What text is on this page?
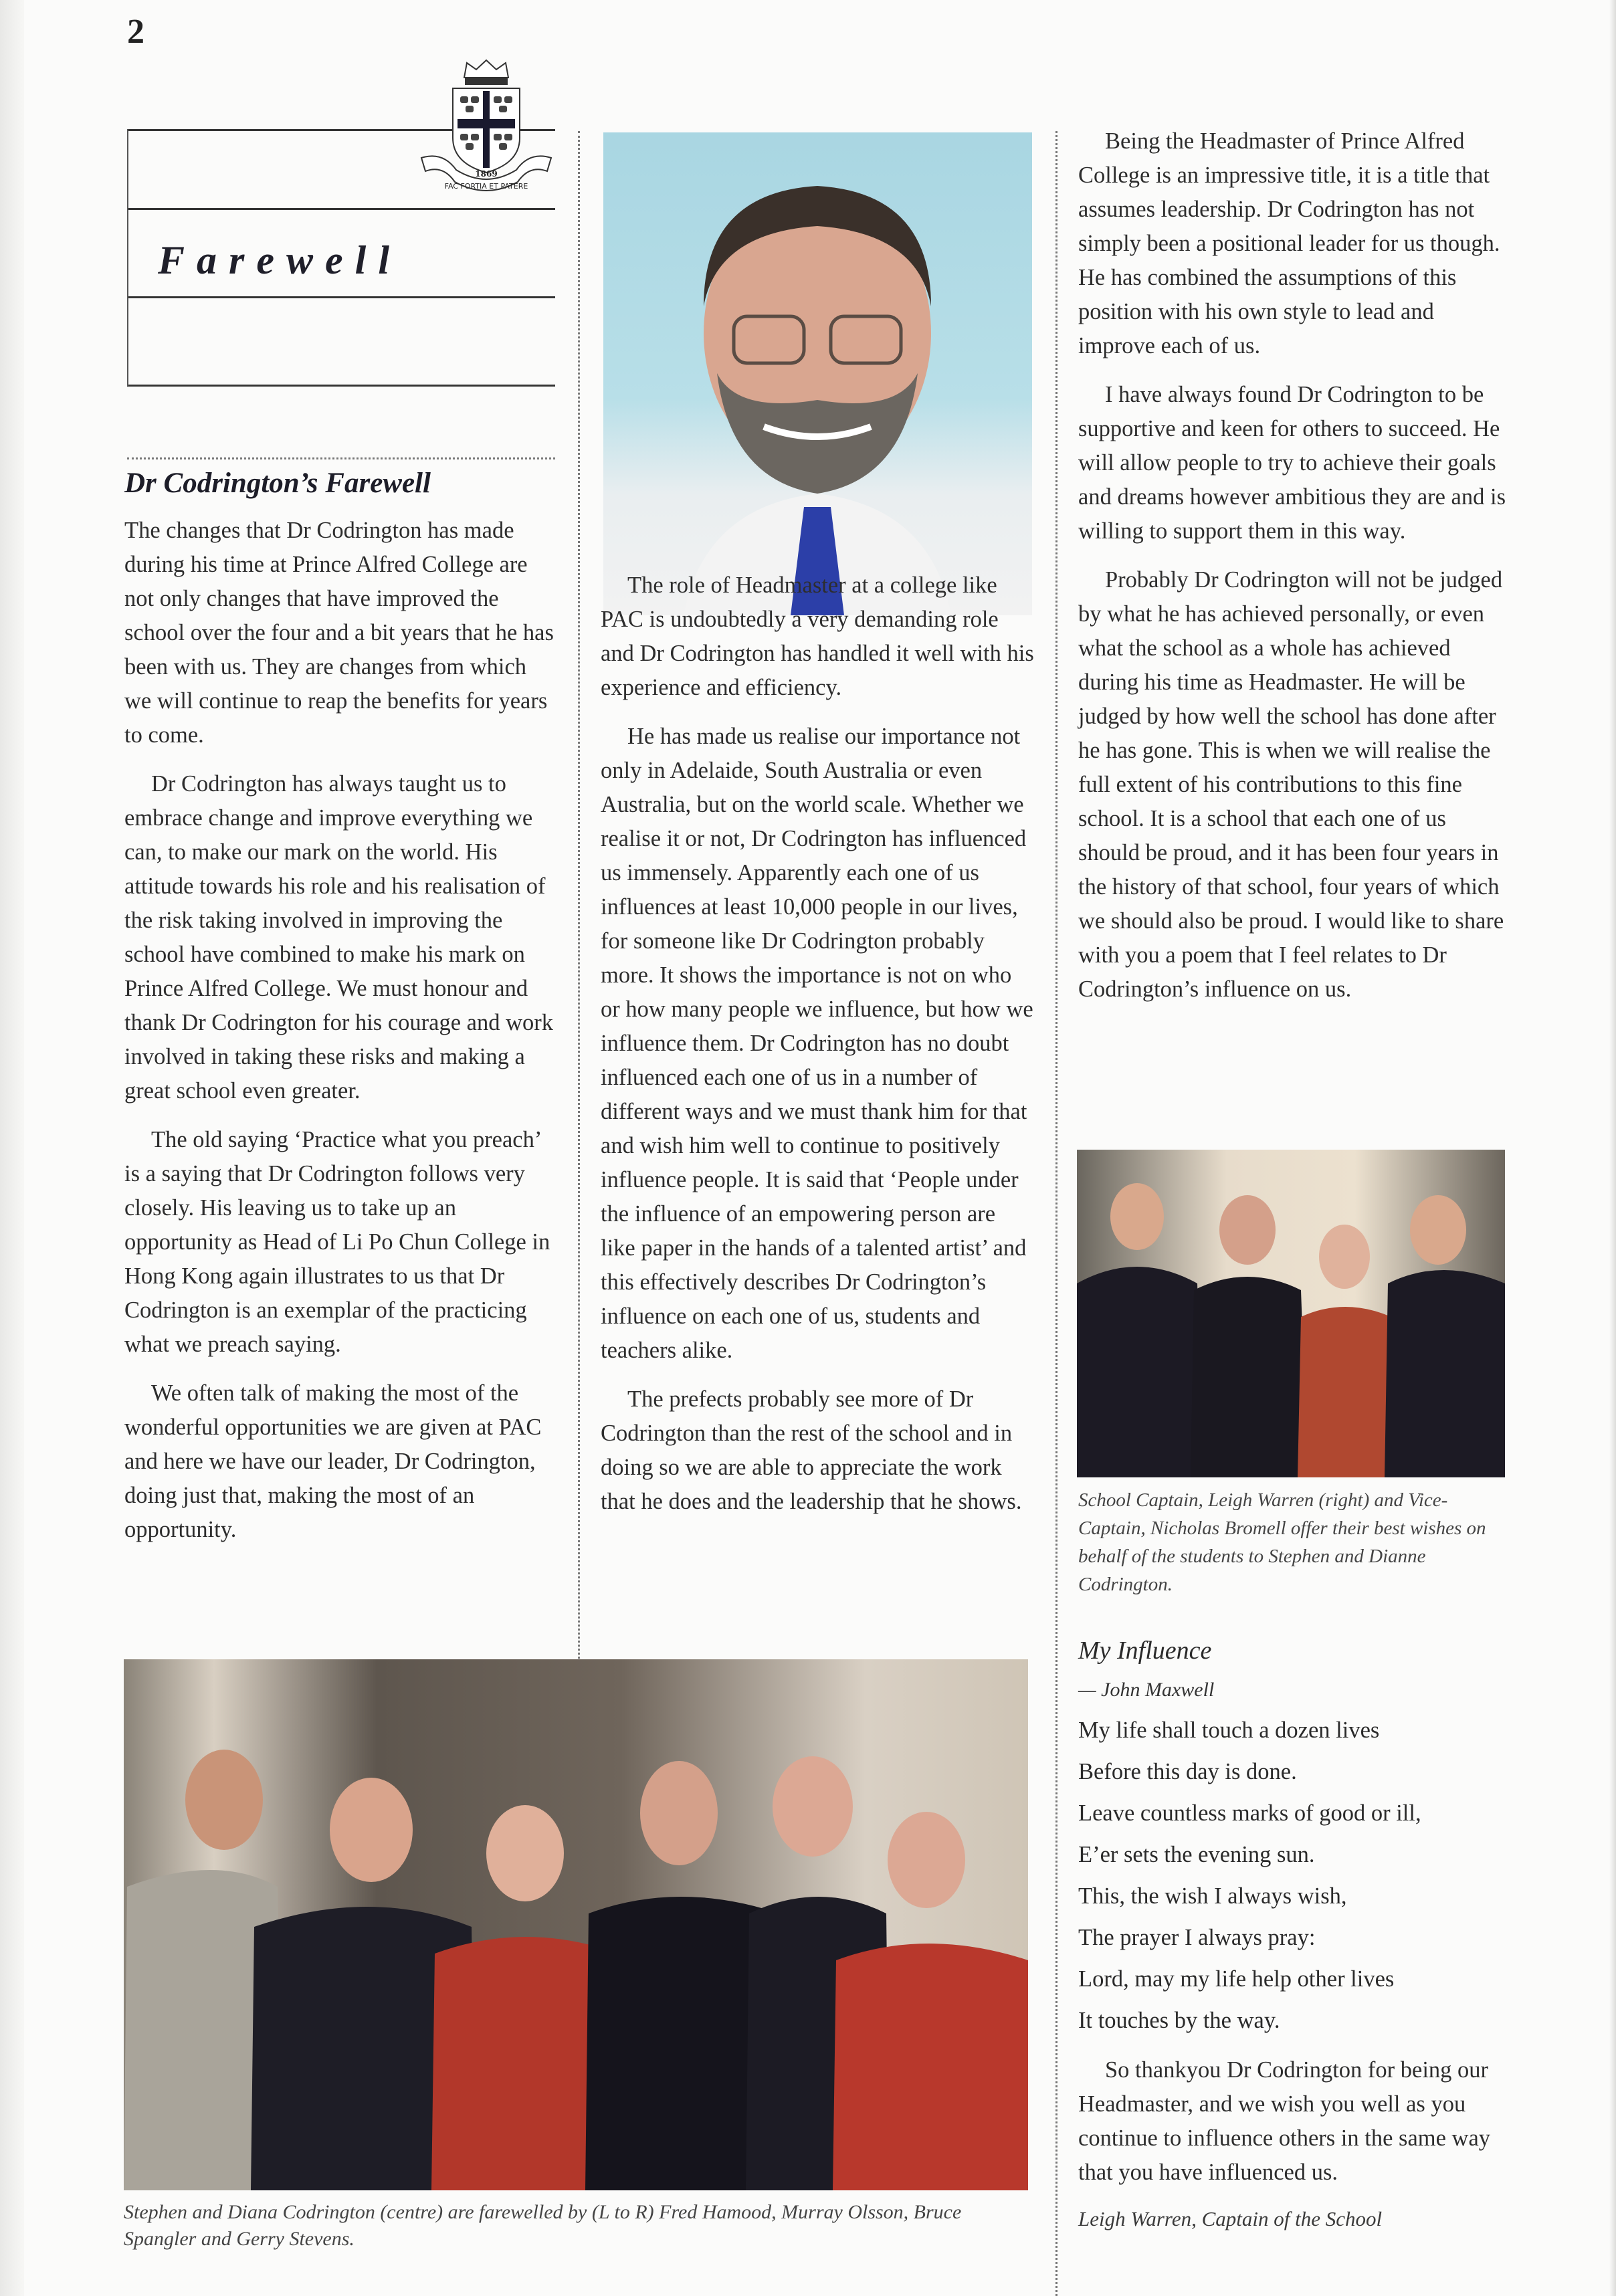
2
Farewell
1869
FAC FORTIA ET PATERE
Dr Codrington’s Farewell

The changes that Dr Codrington has made during his time at Prince Alfred College are not only changes that have improved the school over the four and a bit years that he has been with us. They are changes from which we will continue to reap the benefits for years to come.

Dr Codrington has always taught us to embrace change and improve everything we can, to make our mark on the world. His attitude towards his role and his realisation of the risk taking involved in improving the school have combined to make his mark on Prince Alfred College. We must honour and thank Dr Codrington for his courage and work involved in taking these risks and making a great school even greater.

The old saying ‘Practice what you preach’ is a saying that Dr Codrington follows very closely. His leaving us to take up an opportunity as Head of Li Po Chun College in Hong Kong again illustrates to us that Dr Codrington is an exemplar of the practicing what we preach saying.

We often talk of making the most of the wonderful opportunities we are given at PAC and here we have our leader, Dr Codrington, doing just that, making the most of an opportunity.

The role of Headmaster at a college like PAC is undoubtedly a very demanding role and Dr Codrington has handled it well with his experience and efficiency.

He has made us realise our importance not only in Adelaide, South Australia or even Australia, but on the world scale. Whether we realise it or not, Dr Codrington has influenced us immensely. Apparently each one of us influences at least 10,000 people in our lives, for someone like Dr Codrington probably more. It shows the importance is not on who or how many people we influence, but how we influence them. Dr Codrington has no doubt influenced each one of us in a number of different ways and we must thank him for that and wish him well to continue to positively influence people. It is said that ‘People under the influence of an empowering person are like paper in the hands of a talented artist’ and this effectively describes Dr Codrington’s influence on each one of us, students and teachers alike.

The prefects probably see more of Dr Codrington than the rest of the school and in doing so we are able to appreciate the work that he does and the leadership that he shows.

Being the Headmaster of Prince Alfred College is an impressive title, it is a title that assumes leadership. Dr Codrington has not simply been a positional leader for us though. He has combined the assumptions of this position with his own style to lead and improve each of us.

I have always found Dr Codrington to be supportive and keen for others to succeed. He will allow people to try to achieve their goals and dreams however ambitious they are and is willing to support them in this way.

Probably Dr Codrington will not be judged by what he has achieved personally, or even what the school as a whole has achieved during his time as Headmaster. He will be judged by how well the school has done after he has gone. This is when we will realise the full extent of his contributions to this fine school. It is a school that each one of us should be proud, and it has been four years in the history of that school, four years of which we should also be proud. I would like to share with you a poem that I feel relates to Dr Codrington’s influence on us.

School Captain, Leigh Warren (right) and Vice-Captain, Nicholas Bromell offer their best wishes on behalf of the students to Stephen and Dianne Codrington.
My Influence
— John Maxwell
My life shall touch a dozen lives
Before this day is done.
Leave countless marks of good or ill,
E’er sets the evening sun.
This, the wish I always wish,
The prayer I always pray:
Lord, may my life help other lives
It touches by the way.

So thankyou Dr Codrington for being our Headmaster, and we wish you well as you continue to influence others in the same way that you have influenced us.

Leigh Warren, Captain of the School
Stephen and Diana Codrington (centre) are farewelled by (L to R) Fred Hamood, Murray Olsson, Bruce Spangler and Gerry Stevens.
